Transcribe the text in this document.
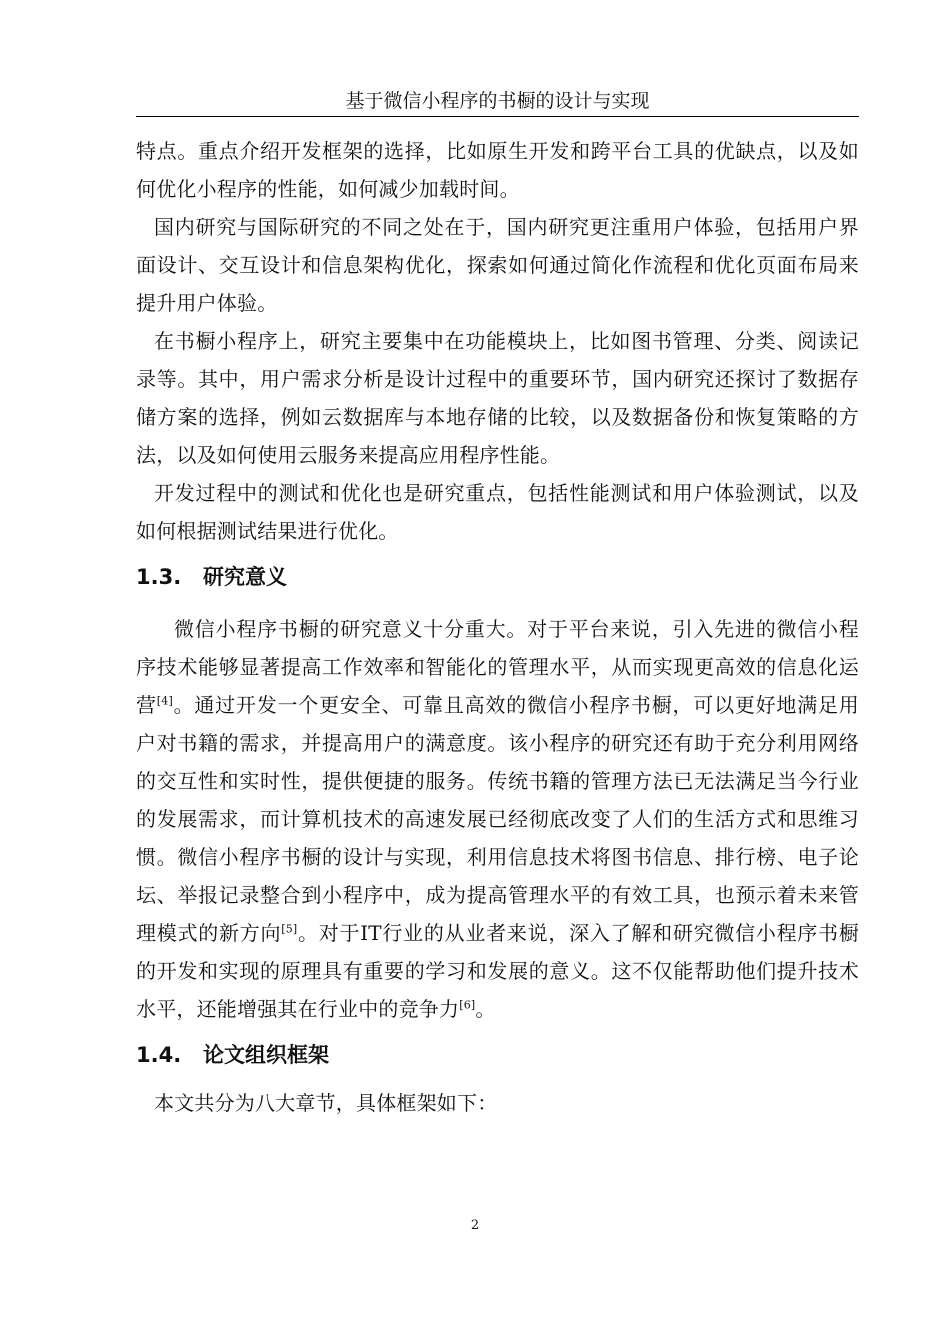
基于微信小程序的书橱的设计与实现

特点。重点介绍开发框架的选择，比如原生开发和跨平台工具的优缺点，以及如何优化小程序的性能，如何减少加载时间。

国内研究与国际研究的不同之处在于，国内研究更注重用户体验，包括用户界面设计、交互设计和信息架构优化，探索如何通过简化作流程和优化页面布局来提升用户体验。

在书橱小程序上，研究主要集中在功能模块上，比如图书管理、分类、阅读记录等。其中，用户需求分析是设计过程中的重要环节，国内研究还探讨了数据存储方案的选择，例如云数据库与本地存储的比较，以及数据备份和恢复策略的方法，以及如何使用云服务来提高应用程序性能。

开发过程中的测试和优化也是研究重点，包括性能测试和用户体验测试，以及如何根据测试结果进行优化。

1.3.	研究意义

微信小程序书橱的研究意义十分重大。对于平台来说，引入先进的微信小程序技术能够显著提高工作效率和智能化的管理水平，从而实现更高效的信息化运营[4]。通过开发一个更安全、可靠且高效的微信小程序书橱，可以更好地满足用户对书籍的需求，并提高用户的满意度。该小程序的研究还有助于充分利用网络的交互性和实时性，提供便捷的服务。传统书籍的管理方法已无法满足当今行业的发展需求，而计算机技术的高速发展已经彻底改变了人们的生活方式和思维习惯。微信小程序书橱的设计与实现，利用信息技术将图书信息、排行榜、电子论坛、举报记录整合到小程序中，成为提高管理水平的有效工具，也预示着未来管理模式的新方向[5]。对于IT行业的从业者来说，深入了解和研究微信小程序书橱的开发和实现的原理具有重要的学习和发展的意义。这不仅能帮助他们提升技术水平，还能增强其在行业中的竞争力[6]。

1.4.	论文组织框架

本文共分为八大章节，具体框架如下：

2
